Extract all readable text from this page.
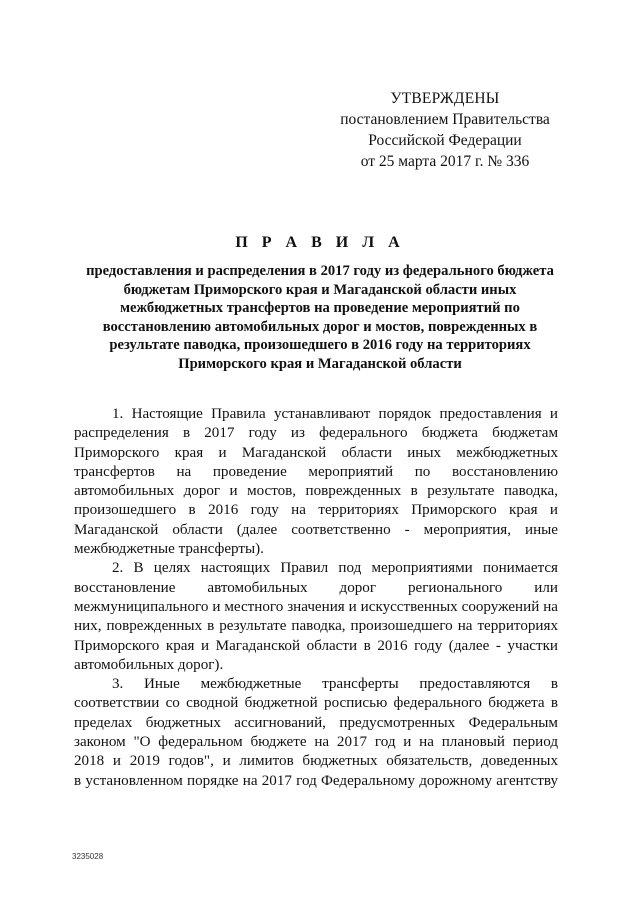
УТВЕРЖДЕНЫ
постановлением Правительства
Российской Федерации
от 25 марта 2017 г. № 336
П Р А В И Л А
предоставления и распределения в 2017 году из федерального бюджета
бюджетам Приморского края и Магаданской области иных
межбюджетных трансфертов на проведение мероприятий по
восстановлению автомобильных дорог и мостов, поврежденных в
результате паводка, произошедшего в 2016 году на территориях
Приморского края и Магаданской области

1. Настоящие Правила устанавливают порядок предоставления и
распределения в 2017 году из федерального бюджета бюджетам
Приморского края и Магаданской области иных межбюджетных
трансфертов на проведение мероприятий по восстановлению
автомобильных дорог и мостов, поврежденных в результате паводка,
произошедшего в 2016 году на территориях Приморского края и
Магаданской области (далее соответственно - мероприятия, иные
межбюджетные трансферты).

2. В целях настоящих Правил под мероприятиями понимается
восстановление автомобильных дорог регионального или
межмуниципального и местного значения и искусственных сооружений на
них, поврежденных в результате паводка, произошедшего на территориях
Приморского края и Магаданской области в 2016 году (далее - участки
автомобильных дорог).

3. Иные межбюджетные трансферты предоставляются в
соответствии со сводной бюджетной росписью федерального бюджета в
пределах бюджетных ассигнований, предусмотренных Федеральным
законом "О федеральном бюджете на 2017 год и на плановый период
2018 и 2019 годов", и лимитов бюджетных обязательств, доведенных
в установленном порядке на 2017 год Федеральному дорожному агентству

3235028
